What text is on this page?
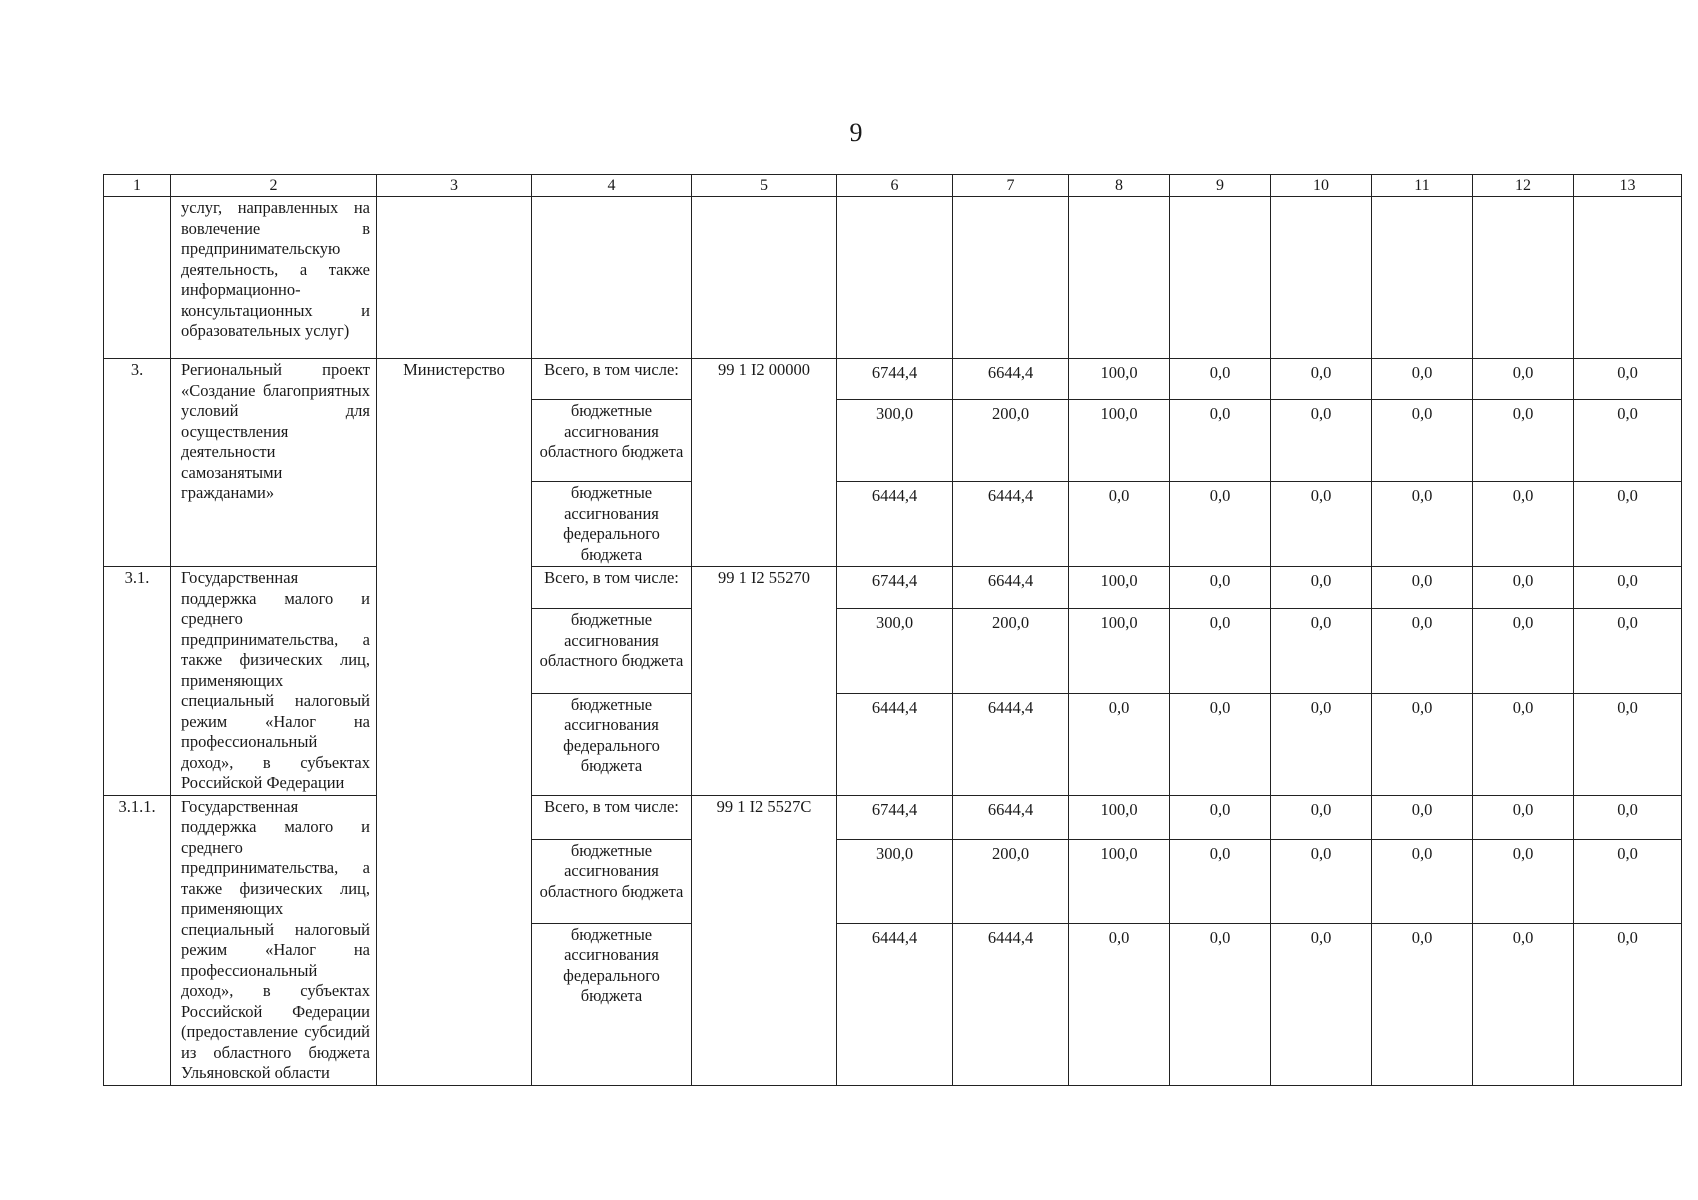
9
1	2	3	4	5	6	7	8	9	10	11	12	13
	услуг, направленных на вовлечение в предпринимательскую деятельность, а также информационно-консультационных и образовательных услуг)											
3.	Региональный проект «Создание благоприятных условий для осуществления деятельности самозанятыми гражданами»	Министерство	Всего, в том числе:	99 1 I2 00000	6744,4	6644,4	100,0	0,0	0,0	0,0	0,0	0,0
			бюджетные ассигнования областного бюджета		300,0	200,0	100,0	0,0	0,0	0,0	0,0	0,0
			бюджетные ассигнования федерального бюджета		6444,4	6444,4	0,0	0,0	0,0	0,0	0,0	0,0
3.1.	Государственная поддержка малого и среднего предпринимательства, а также физических лиц, применяющих специальный налоговый режим «Налог на профессиональный доход», в субъектах Российской Федерации		Всего, в том числе:	99 1 I2 55270	6744,4	6644,4	100,0	0,0	0,0	0,0	0,0	0,0
			бюджетные ассигнования областного бюджета		300,0	200,0	100,0	0,0	0,0	0,0	0,0	0,0
			бюджетные ассигнования федерального бюджета		6444,4	6444,4	0,0	0,0	0,0	0,0	0,0	0,0
3.1.1.	Государственная поддержка малого и среднего предпринимательства, а также физических лиц, применяющих специальный налоговый режим «Налог на профессиональный доход», в субъектах Российской Федерации (предоставление субсидий из областного бюджета Ульяновской области		Всего, в том числе:	99 1 I2 5527С	6744,4	6644,4	100,0	0,0	0,0	0,0	0,0	0,0
			бюджетные ассигнования областного бюджета		300,0	200,0	100,0	0,0	0,0	0,0	0,0	0,0
			бюджетные ассигнования федерального бюджета		6444,4	6444,4	0,0	0,0	0,0	0,0	0,0	0,0
